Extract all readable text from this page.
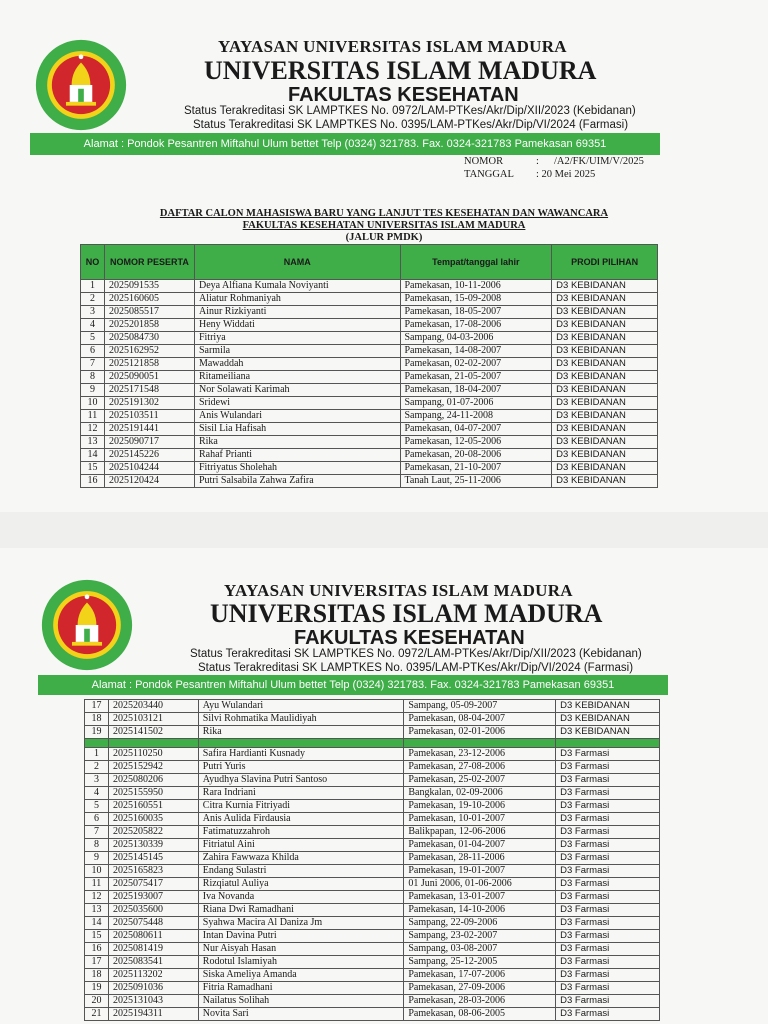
YAYASAN UNIVERSITAS ISLAM MADURA
UNIVERSITAS ISLAM MADURA
FAKULTAS KESEHATAN
Status Terakreditasi SK LAMPTKES No. 0972/LAM-PTKes/Akr/Dip/XII/2023 (Kebidanan)
Status Terakreditasi SK LAMPTKES No. 0395/LAM-PTKes/Akr/Dip/VI/2024 (Farmasi)
Alamat : Pondok Pesantren Miftahul Ulum bettet Telp (0324) 321783. Fax. 0324-321783 Pamekasan 69351
NOMOR	:	/A2/FK/UIM/V/2025
TANGGAL	: 20 Mei 2025
DAFTAR CALON MAHASISWA BARU YANG LANJUT TES KESEHATAN DAN WAWANCARA
FAKULTAS KESEHATAN UNIVERSITAS ISLAM MADURA
(JALUR PMDK)
NO	NOMOR PESERTA	NAMA	Tempat/tanggal lahir	PRODI PILIHAN
1	2025091535	Deya Alfiana Kumala Noviyanti	Pamekasan, 10-11-2006	D3 KEBIDANAN
2	2025160605	Aliatur Rohmaniyah	Pamekasan, 15-09-2008	D3 KEBIDANAN
3	2025085517	Ainur Rizkiyanti	Pamekasan, 18-05-2007	D3 KEBIDANAN
4	2025201858	Heny Widdati	Pamekasan, 17-08-2006	D3 KEBIDANAN
5	2025084730	Fitriya	Sampang, 04-03-2006	D3 KEBIDANAN
6	2025162952	Sarmila	Pamekasan, 14-08-2007	D3 KEBIDANAN
7	2025121858	Mawaddah	Pamekasan, 02-02-2007	D3 KEBIDANAN
8	2025090051	Ritameiliana	Pamekasan, 21-05-2007	D3 KEBIDANAN
9	2025171548	Nor Solawati Karimah	Pamekasan, 18-04-2007	D3 KEBIDANAN
10	2025191302	Sridewi	Sampang, 01-07-2006	D3 KEBIDANAN
11	2025103511	Anis Wulandari	Sampang, 24-11-2008	D3 KEBIDANAN
12	2025191441	Sisil Lia Hafisah	Pamekasan, 04-07-2007	D3 KEBIDANAN
13	2025090717	Rika	Pamekasan, 12-05-2006	D3 KEBIDANAN
14	2025145226	Rahaf Prianti	Pamekasan, 20-08-2006	D3 KEBIDANAN
15	2025104244	Fitriyatus Sholehah	Pamekasan, 21-10-2007	D3 KEBIDANAN
16	2025120424	Putri Salsabila Zahwa Zafira	Tanah Laut, 25-11-2006	D3 KEBIDANAN
YAYASAN UNIVERSITAS ISLAM MADURA
UNIVERSITAS ISLAM MADURA
FAKULTAS KESEHATAN
Status Terakreditasi SK LAMPTKES No. 0972/LAM-PTKes/Akr/Dip/XII/2023 (Kebidanan)
Status Terakreditasi SK LAMPTKES No. 0395/LAM-PTKes/Akr/Dip/VI/2024 (Farmasi)
Alamat : Pondok Pesantren Miftahul Ulum bettet Telp (0324) 321783. Fax. 0324-321783 Pamekasan 69351
17	2025203440	Ayu Wulandari	Sampang, 05-09-2007	D3 KEBIDANAN
18	2025103121	Silvi Rohmatika Maulidiyah	Pamekasan, 08-04-2007	D3 KEBIDANAN
19	2025141502	Rika	Pamekasan, 02-01-2006	D3 KEBIDANAN

1	2025110250	Safira Hardianti Kusnady	Pamekasan, 23-12-2006	D3 Farmasi
2	2025152942	Putri Yuris	Pamekasan, 27-08-2006	D3 Farmasi
3	2025080206	Ayudhya Slavina Putri Santoso	Pamekasan, 25-02-2007	D3 Farmasi
4	2025155950	Rara Indriani	Bangkalan, 02-09-2006	D3 Farmasi
5	2025160551	Citra Kurnia Fitriyadi	Pamekasan, 19-10-2006	D3 Farmasi
6	2025160035	Anis Aulida Firdausia	Pamekasan, 10-01-2007	D3 Farmasi
7	2025205822	Fatimatuzzahroh	Balikpapan, 12-06-2006	D3 Farmasi
8	2025130339	Fitriatul Aini	Pamekasan, 01-04-2007	D3 Farmasi
9	2025145145	Zahira Fawwaza Khilda	Pamekasan, 28-11-2006	D3 Farmasi
10	2025165823	Endang Sulastri	Pamekasan, 19-01-2007	D3 Farmasi
11	2025075417	Rizqiatul Auliya	01 Juni 2006, 01-06-2006	D3 Farmasi
12	2025193007	Iva Novanda	Pamekasan, 13-01-2007	D3 Farmasi
13	2025035600	Riana Dwi Ramadhani	Pamekasan, 14-10-2006	D3 Farmasi
14	2025075448	Syahwa Macira Al Daniza Jm	Sampang, 22-09-2006	D3 Farmasi
15	2025080611	Intan Davina Putri	Sampang, 23-02-2007	D3 Farmasi
16	2025081419	Nur Aisyah Hasan	Sampang, 03-08-2007	D3 Farmasi
17	2025083541	Rodotul Islamiyah	Sampang, 25-12-2005	D3 Farmasi
18	2025113202	Siska Ameliya Amanda	Pamekasan, 17-07-2006	D3 Farmasi
19	2025091036	Fitria Ramadhani	Pamekasan, 27-09-2006	D3 Farmasi
20	2025131043	Nailatus Solihah	Pamekasan, 28-03-2006	D3 Farmasi
21	2025194311	Novita Sari	Pamekasan, 08-06-2005	D3 Farmasi
